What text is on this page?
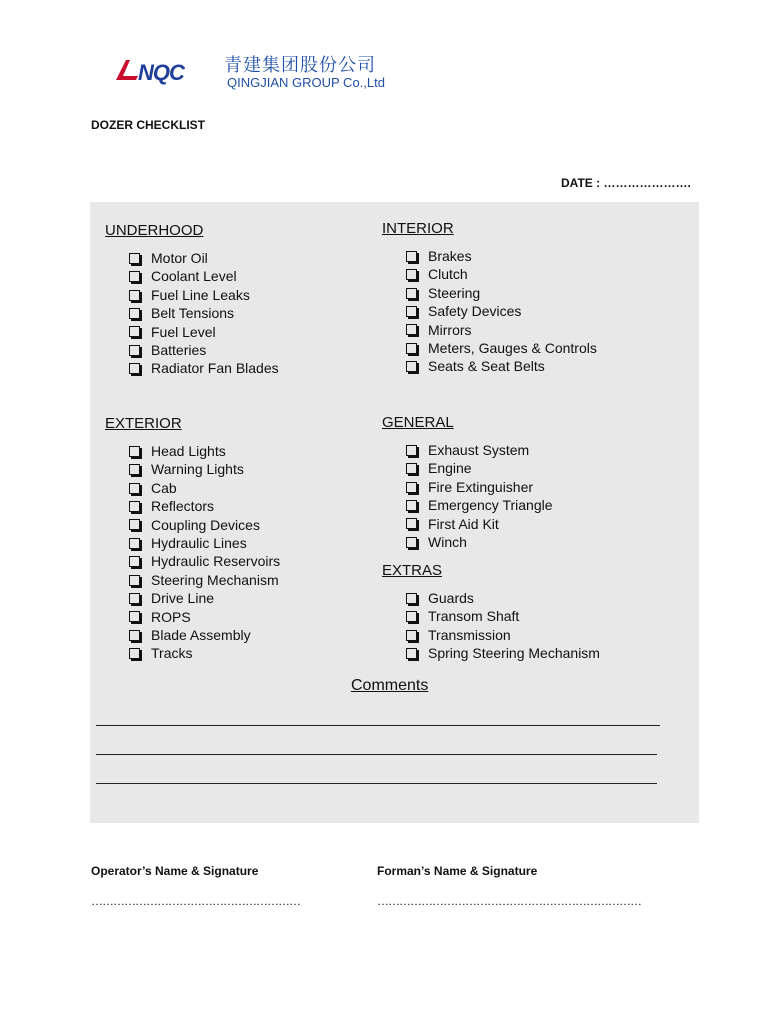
NQC 青建集团股份公司
QINGJIAN GROUP Co.,Ltd
DOZER CHECKLIST
DATE : ………………….
UNDERHOOD
Motor Oil
Coolant Level
Fuel Line Leaks
Belt Tensions
Fuel Level
Batteries
Radiator Fan Blades
INTERIOR
Brakes
Clutch
Steering
Safety Devices
Mirrors
Meters, Gauges & Controls
Seats & Seat Belts
EXTERIOR
Head Lights
Warning Lights
Cab
Reflectors
Coupling Devices
Hydraulic Lines
Hydraulic Reservoirs
Steering Mechanism
Drive Line
ROPS
Blade Assembly
Tracks
GENERAL
Exhaust System
Engine
Fire Extinguisher
Emergency Triangle
First Aid Kit
Winch
EXTRAS
Guards
Transom Shaft
Transmission
Spring Steering Mechanism
Comments
Operator’s Name & Signature
…………………………………………………
Forman’s Name & Signature
………………………………………………………………
